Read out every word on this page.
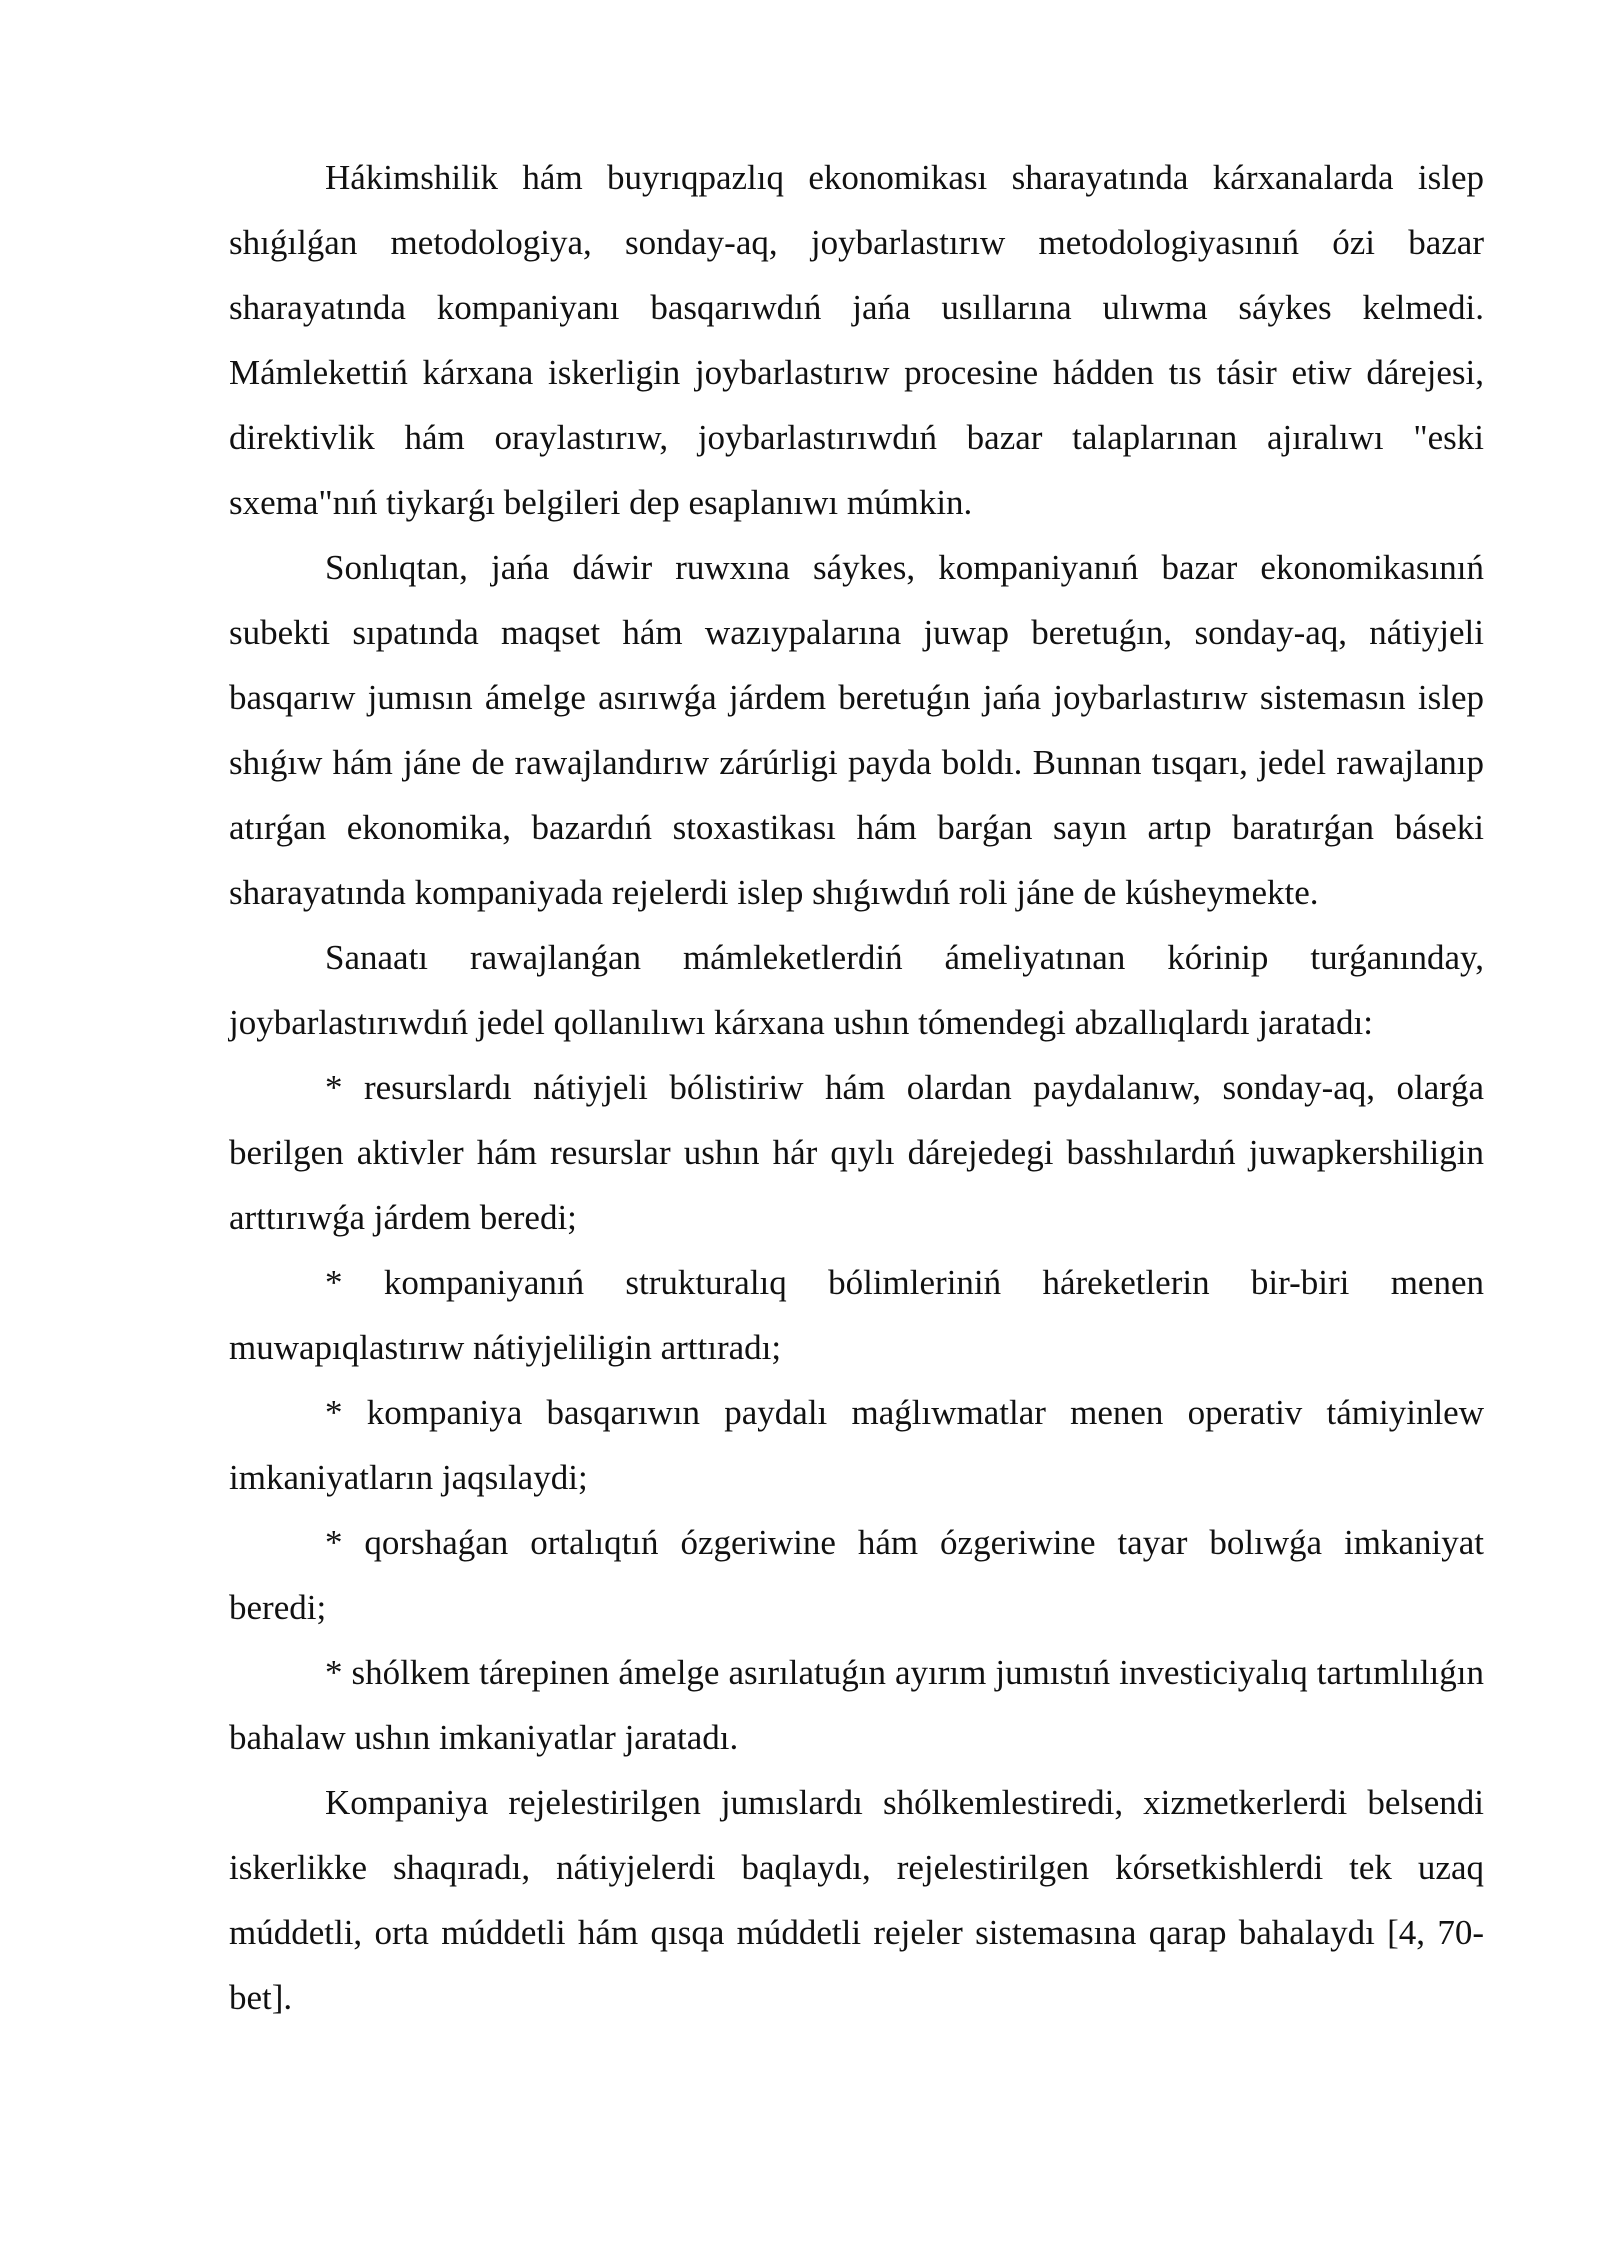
Hákimshilik hám buyrıqpazlıq ekonomikası sharayatında kárxanalarda islep shıǵılǵan metodologiya, sonday-aq, joybarlastırıw metodologiyasınıń ózi bazar sharayatında kompaniyanı basqarıwdıń jańa usıllarına ulıwma sáykes kelmedi. Mámlekettiń kárxana iskerligin joybarlastırıw procesine hádden tıs tásir etiw dárejesi, direktivlik hám oraylastırıw, joybarlastırıwdıń bazar talaplarınan ajıralıwı "eski sxema"nıń tiykarǵı belgileri dep esaplanıwı múmkin.

Sonlıqtan, jańa dáwir ruwxına sáykes, kompaniyanıń bazar ekonomikasınıń subekti sıpatında maqset hám wazıypalarına juwap beretuǵın, sonday-aq, nátiyjeli basqarıw jumısın ámelge asırıwǵa járdem beretuǵın jańa joybarlastırıw sistemasın islep shıǵıw hám jáne de rawajlandırıw zárúrligi payda boldı. Bunnan tısqarı, jedel rawajlanıp atırǵan ekonomika, bazardıń stoxastikası hám barǵan sayın artıp baratırǵan báseki sharayatında kompaniyada rejelerdi islep shıǵıwdıń roli jáne de kúsheymekte.

Sanaatı rawajlanǵan mámleketlerdiń ámeliyatınan kórinip turǵanınday, joybarlastırıwdıń jedel qollanılıwı kárxana ushın tómendegi abzallıqlardı jaratadı:

* resurslardı nátiyjeli bólistiriw hám olardan paydalanıw, sonday-aq, olarǵa berilgen aktivler hám resurslar ushın hár qıylı dárejedegi basshılardıń juwapkershiligin arttırıwǵa járdem beredi;

* kompaniyanıń strukturalıq bólimleriniń háreketlerin bir-biri menen muwapıqlastırıw nátiyjeliligin arttıradı;

* kompaniya basqarıwın paydalı maǵlıwmatlar menen operativ támiyinlew imkaniyatların jaqsılaydi;

* qorshaǵan ortalıqtıń ózgeriwine hám ózgeriwine tayar bolıwǵa imkaniyat beredi;

* shólkem tárepinen ámelge asırılatuǵın ayırım jumıstıń investiciyalıq tartımlılıǵın bahalaw ushın imkaniyatlar jaratadı.

Kompaniya rejelestirilgen jumıslardı shólkemlestiredi, xizmetkerlerdi belsendi iskerlikke shaqıradı, nátiyjelerdi baqlaydı, rejelestirilgen kórsetkishlerdi tek uzaq múddetli, orta múddetli hám qısqa múddetli rejeler sistemasına qarap bahalaydı [4, 70-bet].
